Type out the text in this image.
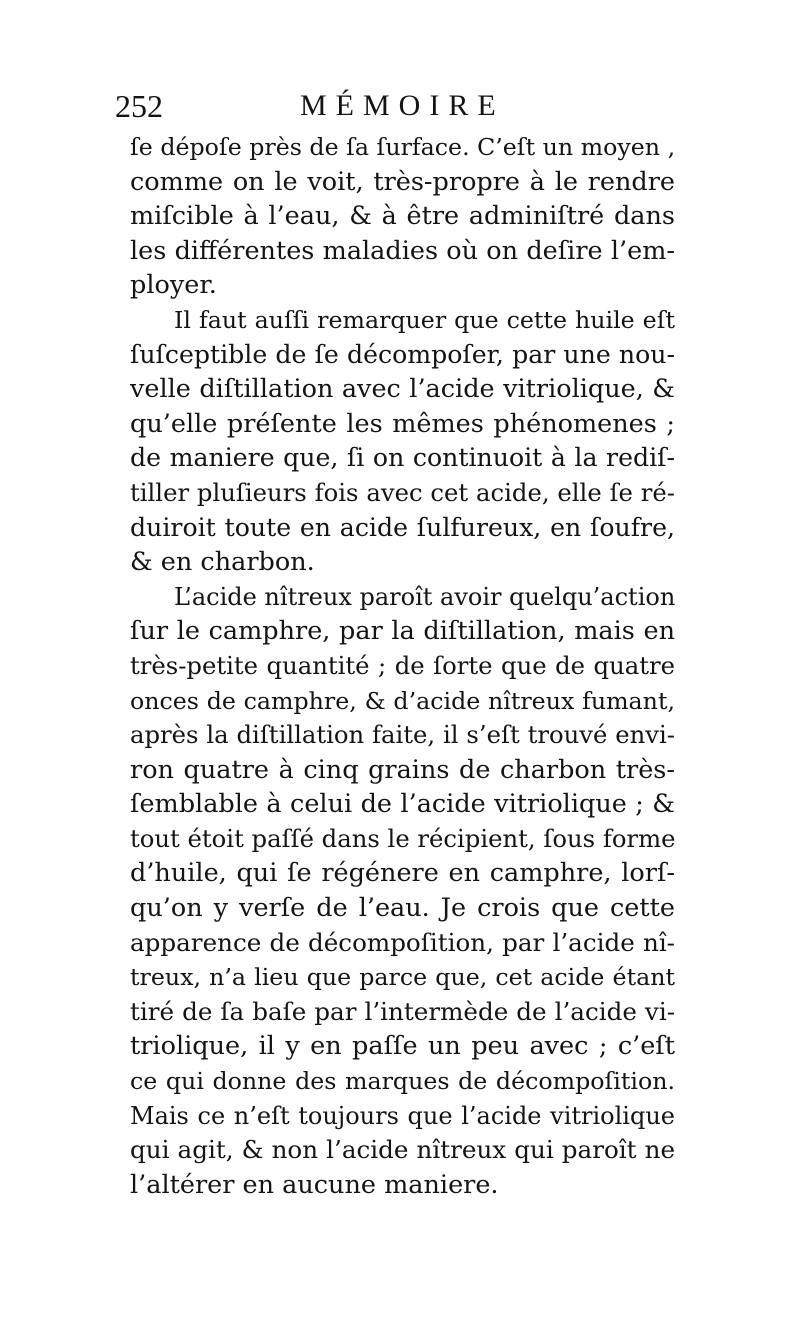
252	MÉMOIRE
ſe dépoſe près de ſa ſurface. C’eſt un moyen ,
comme on le voit, très-propre à le rendre
miſcible à l’eau, & à être adminiſtré dans
les différentes maladies où on deſire l’em-
ployer.
Il faut auſſi remarquer que cette huile eſt
ſuſceptible de ſe décompoſer, par une nou-
velle diſtillation avec l’acide vitriolique, &
qu’elle préſente les mêmes phénomenes ;
de maniere que, ſi on continuoit à la rediſ-
tiller pluſieurs fois avec cet acide, elle ſe ré-
duiroit toute en acide ſulfureux, en ſoufre,
& en charbon.
L’acide nîtreux paroît avoir quelqu’action
ſur le camphre, par la diſtillation, mais en
très-petite quantité ; de ſorte que de quatre
onces de camphre, & d’acide nîtreux fumant,
après la diſtillation faite, il s’eſt trouvé envi-
ron quatre à cinq grains de charbon très-
ſemblable à celui de l’acide vitriolique ; &
tout étoit paſſé dans le récipient, ſous forme
d’huile, qui ſe régénere en camphre, lorſ-
qu’on y verſe de l’eau. Je crois que cette
apparence de décompoſition, par l’acide nî-
treux, n’a lieu que parce que, cet acide étant
tiré de ſa baſe par l’intermède de l’acide vi-
triolique, il y en paſſe un peu avec ; c’eſt
ce qui donne des marques de décompoſition.
Mais ce n’eſt toujours que l’acide vitriolique
qui agit, & non l’acide nîtreux qui paroît ne
l’altérer en aucune maniere.
